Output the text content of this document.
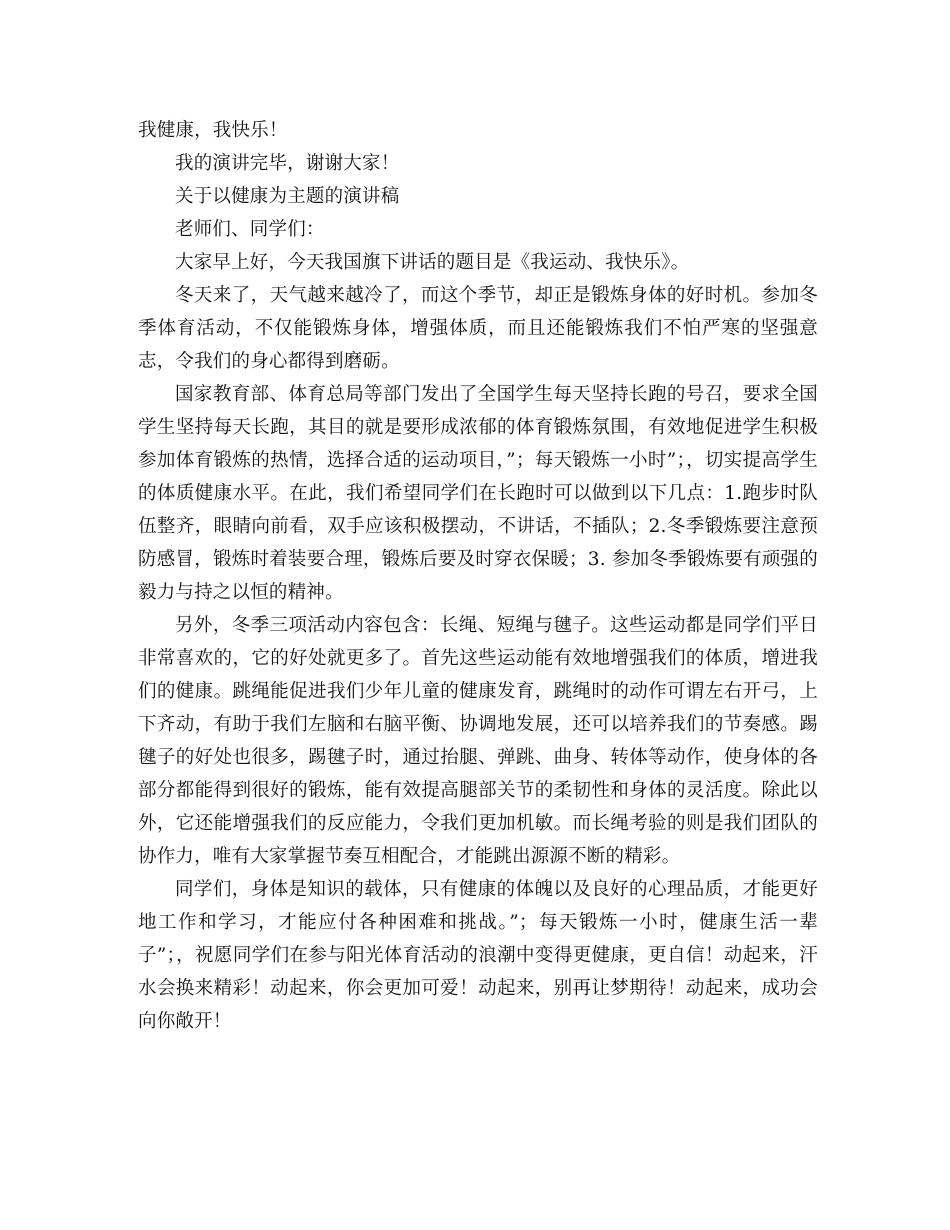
我健康，我快乐！

我的演讲完毕，谢谢大家！

关于以健康为主题的演讲稿

老师们、同学们：

大家早上好，今天我国旗下讲话的题目是《我运动、我快乐》。

冬天来了，天气越来越冷了，而这个季节，却正是锻炼身体的好时机。参加冬季体育活动，不仅能锻炼身体，增强体质，而且还能锻炼我们不怕严寒的坚强意志，令我们的身心都得到磨砺。

国家教育部、体育总局等部门发出了全国学生每天坚持长跑的号召，要求全国学生坚持每天长跑，其目的就是要形成浓郁的体育锻炼氛围，有效地促进学生积极参加体育锻炼的热情，选择合适的运动项目，”；每天锻炼一小时”；，切实提高学生的体质健康水平。在此，我们希望同学们在长跑时可以做到以下几点：1.跑步时队伍整齐，眼睛向前看，双手应该积极摆动，不讲话，不插队；2.冬季锻炼要注意预防感冒，锻炼时着装要合理，锻炼后要及时穿衣保暖；3. 参加冬季锻炼要有顽强的毅力与持之以恒的精神。

另外，冬季三项活动内容包含：长绳、短绳与毽子。这些运动都是同学们平日非常喜欢的，它的好处就更多了。首先这些运动能有效地增强我们的体质，增进我们的健康。跳绳能促进我们少年儿童的健康发育，跳绳时的动作可谓左右开弓，上下齐动，有助于我们左脑和右脑平衡、协调地发展，还可以培养我们的节奏感。踢毽子的好处也很多，踢毽子时，通过抬腿、弹跳、曲身、转体等动作，使身体的各部分都能得到很好的锻炼，能有效提高腿部关节的柔韧性和身体的灵活度。除此以外，它还能增强我们的反应能力，令我们更加机敏。而长绳考验的则是我们团队的协作力，唯有大家掌握节奏互相配合，才能跳出源源不断的精彩。

同学们，身体是知识的载体，只有健康的体魄以及良好的心理品质，才能更好地工作和学习，才能应付各种困难和挑战。”；每天锻炼一小时，健康生活一辈子”；，祝愿同学们在参与阳光体育活动的浪潮中变得更健康，更自信！动起来，汗水会换来精彩！动起来，你会更加可爱！动起来，别再让梦期待！动起来，成功会向你敞开！
